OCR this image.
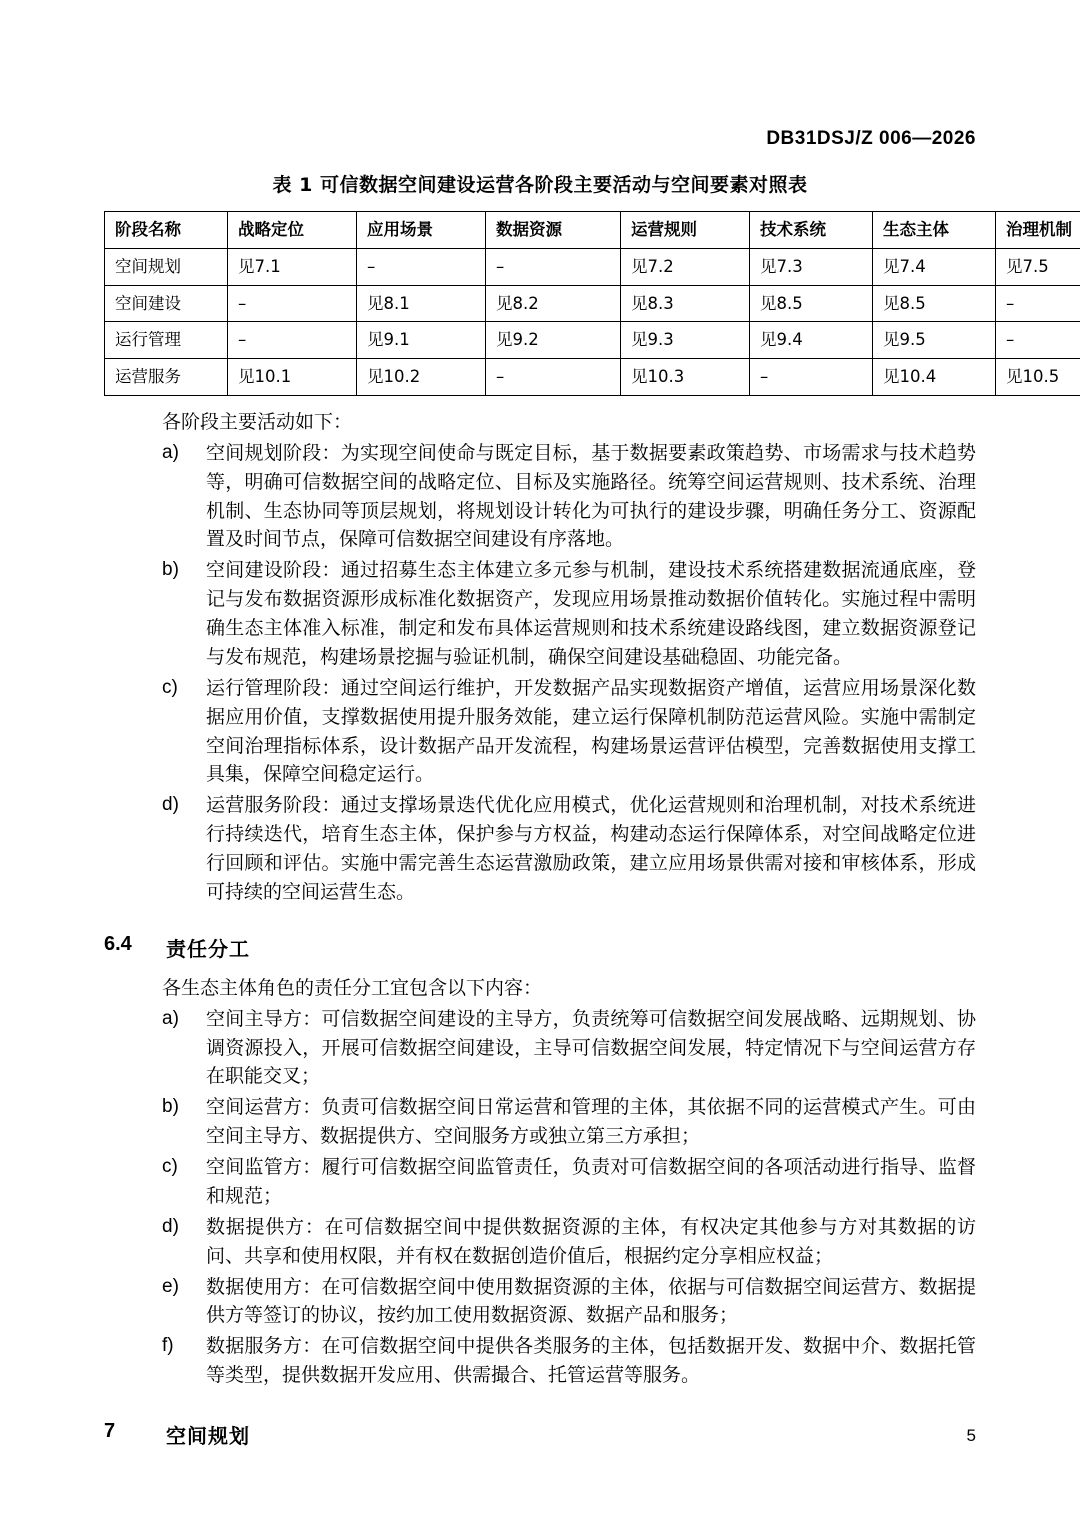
DB31DSJ/Z 006—2026
表 1 可信数据空间建设运营各阶段主要活动与空间要素对照表
阶段名称	战略定位	应用场景	数据资源	运营规则	技术系统	生态主体	治理机制
空间规划	见7.1	–	–	见7.2	见7.3	见7.4	见7.5
空间建设	–	见8.1	见8.2	见8.3	见8.5	见8.5	–
运行管理	–	见9.1	见9.2	见9.3	见9.4	见9.5	–
运营服务	见10.1	见10.2	–	见10.3	–	见10.4	见10.5
各阶段主要活动如下：
a)	空间规划阶段：为实现空间使命与既定目标，基于数据要素政策趋势、市场需求与技术趋势等，明确可信数据空间的战略定位、目标及实施路径。统筹空间运营规则、技术系统、治理机制、生态协同等顶层规划，将规划设计转化为可执行的建设步骤，明确任务分工、资源配置及时间节点，保障可信数据空间建设有序落地。
b)	空间建设阶段：通过招募生态主体建立多元参与机制，建设技术系统搭建数据流通底座，登记与发布数据资源形成标准化数据资产，发现应用场景推动数据价值转化。实施过程中需明确生态主体准入标准，制定和发布具体运营规则和技术系统建设路线图，建立数据资源登记与发布规范，构建场景挖掘与验证机制，确保空间建设基础稳固、功能完备。
c)	运行管理阶段：通过空间运行维护，开发数据产品实现数据资产增值，运营应用场景深化数据应用价值，支撑数据使用提升服务效能，建立运行保障机制防范运营风险。实施中需制定空间治理指标体系，设计数据产品开发流程，构建场景运营评估模型，完善数据使用支撑工具集，保障空间稳定运行。
d)	运营服务阶段：通过支撑场景迭代优化应用模式，优化运营规则和治理机制，对技术系统进行持续迭代，培育生态主体，保护参与方权益，构建动态运行保障体系，对空间战略定位进行回顾和评估。实施中需完善生态运营激励政策，建立应用场景供需对接和审核体系，形成可持续的空间运营生态。
6.4	责任分工
各生态主体角色的责任分工宜包含以下内容：
a)	空间主导方：可信数据空间建设的主导方，负责统筹可信数据空间发展战略、远期规划、协调资源投入，开展可信数据空间建设，主导可信数据空间发展，特定情况下与空间运营方存在职能交叉；
b)	空间运营方：负责可信数据空间日常运营和管理的主体，其依据不同的运营模式产生。可由空间主导方、数据提供方、空间服务方或独立第三方承担；
c)	空间监管方：履行可信数据空间监管责任，负责对可信数据空间的各项活动进行指导、监督和规范；
d)	数据提供方：在可信数据空间中提供数据资源的主体，有权决定其他参与方对其数据的访问、共享和使用权限，并有权在数据创造价值后，根据约定分享相应权益；
e)	数据使用方：在可信数据空间中使用数据资源的主体，依据与可信数据空间运营方、数据提供方等签订的协议，按约加工使用数据资源、数据产品和服务；
f)	数据服务方：在可信数据空间中提供各类服务的主体，包括数据开发、数据中介、数据托管等类型，提供数据开发应用、供需撮合、托管运营等服务。
7	空间规划	5
